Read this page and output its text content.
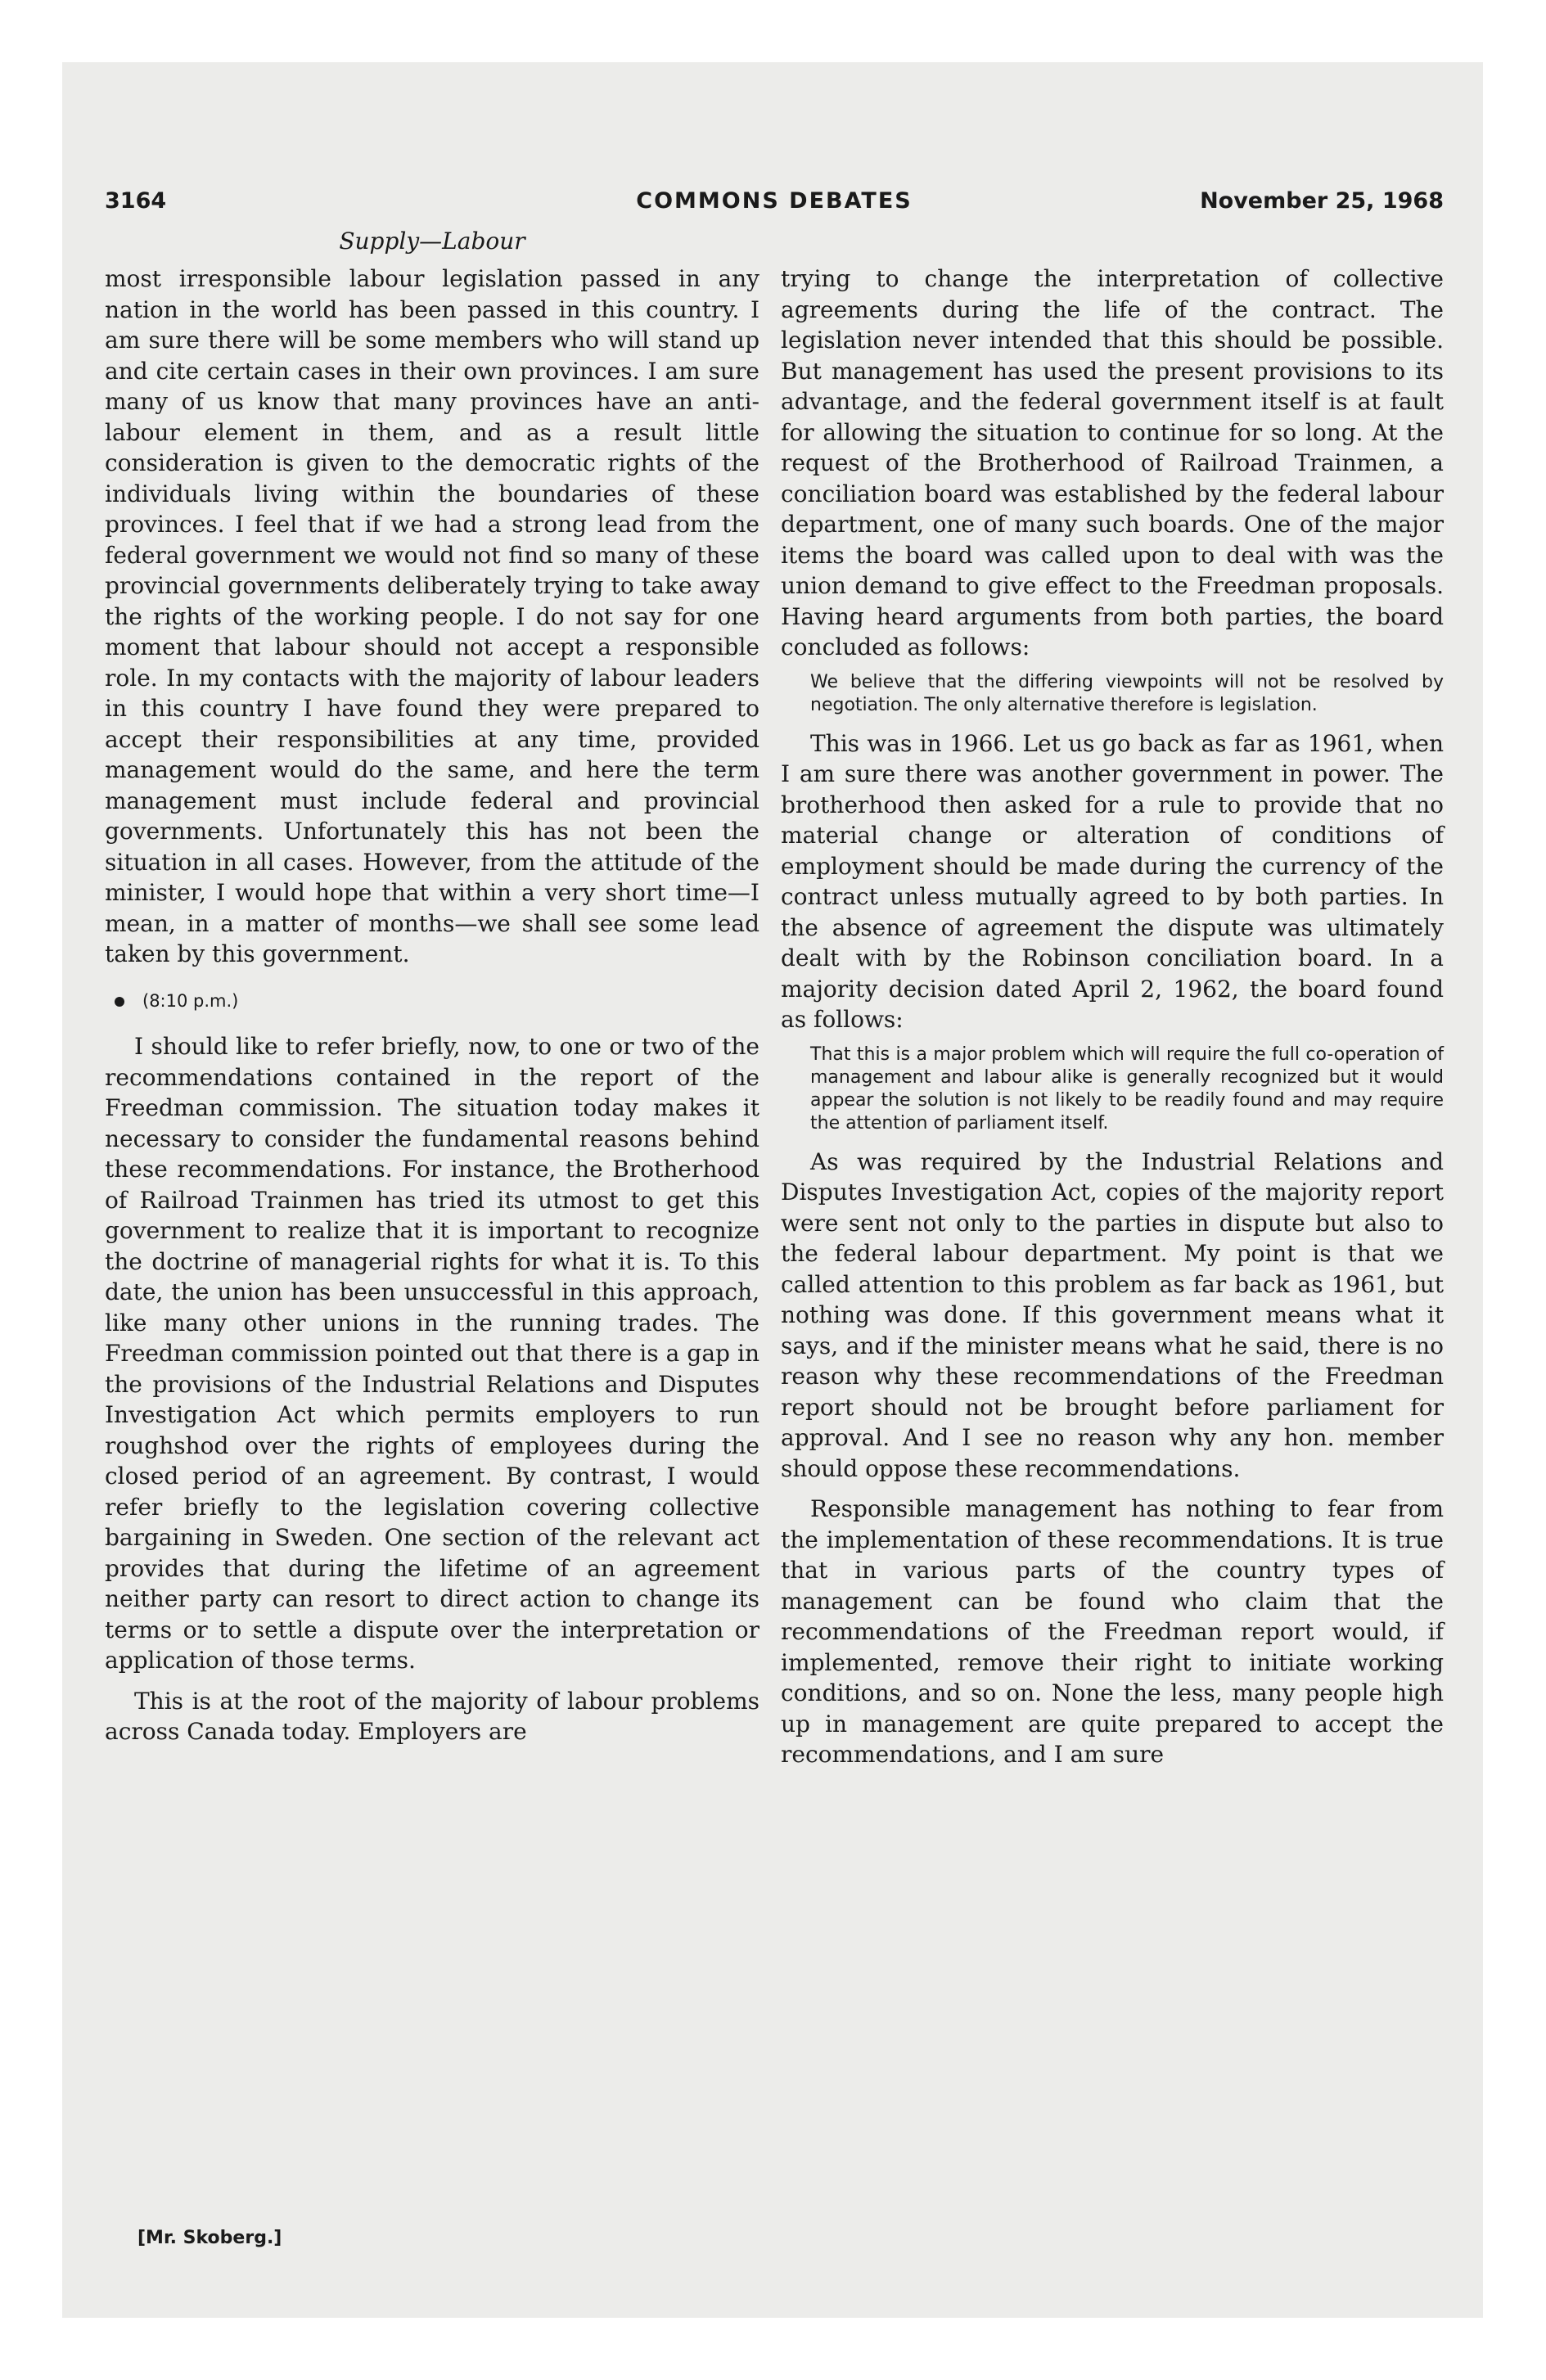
COMMONS DEBATES
3164	November 25, 1968
Supply—Labour

most irresponsible labour legislation passed in any nation in the world has been passed in this country. I am sure there will be some members who will stand up and cite certain cases in their own provinces. I am sure many of us know that many provinces have an anti-labour element in them, and as a result little consideration is given to the democratic rights of the individuals living within the boundaries of these provinces. I feel that if we had a strong lead from the federal government we would not find so many of these provincial governments deliberately trying to take away the rights of the working people. I do not say for one moment that labour should not accept a responsible role. In my contacts with the majority of labour leaders in this country I have found they were prepared to accept their responsibilities at any time, provided management would do the same, and here the term management must include federal and provincial governments. Unfortunately this has not been the situation in all cases. However, from the attitude of the minister, I would hope that within a very short time—I mean, in a matter of months—we shall see some lead taken by this government.

(8:10 p.m.)

I should like to refer briefly, now, to one or two of the recommendations contained in the report of the Freedman commission. The situation today makes it necessary to consider the fundamental reasons behind these recommendations. For instance, the Brotherhood of Railroad Trainmen has tried its utmost to get this government to realize that it is important to recognize the doctrine of managerial rights for what it is. To this date, the union has been unsuccessful in this approach, like many other unions in the running trades. The Freedman commission pointed out that there is a gap in the provisions of the Industrial Relations and Disputes Investigation Act which permits employers to run roughshod over the rights of employees during the closed period of an agreement. By contrast, I would refer briefly to the legislation covering collective bargaining in Sweden. One section of the relevant act provides that during the lifetime of an agreement neither party can resort to direct action to change its terms or to settle a dispute over the interpretation or application of those terms.

This is at the root of the majority of labour problems across Canada today. Employers are

trying to change the interpretation of collective agreements during the life of the contract. The legislation never intended that this should be possible. But management has used the present provisions to its advantage, and the federal government itself is at fault for allowing the situation to continue for so long. At the request of the Brotherhood of Railroad Trainmen, a conciliation board was established by the federal labour department, one of many such boards. One of the major items the board was called upon to deal with was the union demand to give effect to the Freedman proposals. Having heard arguments from both parties, the board concluded as follows:

We believe that the differing viewpoints will not be resolved by negotiation. The only alternative therefore is legislation.

This was in 1966. Let us go back as far as 1961, when I am sure there was another government in power. The brotherhood then asked for a rule to provide that no material change or alteration of conditions of employment should be made during the currency of the contract unless mutually agreed to by both parties. In the absence of agreement the dispute was ultimately dealt with by the Robinson conciliation board. In a majority decision dated April 2, 1962, the board found as follows:

That this is a major problem which will require the full co-operation of management and labour alike is generally recognized but it would appear the solution is not likely to be readily found and may require the attention of parliament itself.

As was required by the Industrial Relations and Disputes Investigation Act, copies of the majority report were sent not only to the parties in dispute but also to the federal labour department. My point is that we called attention to this problem as far back as 1961, but nothing was done. If this government means what it says, and if the minister means what he said, there is no reason why these recommendations of the Freedman report should not be brought before parliament for approval. And I see no reason why any hon. member should oppose these recommendations.

Responsible management has nothing to fear from the implementation of these recommendations. It is true that in various parts of the country types of management can be found who claim that the recommendations of the Freedman report would, if implemented, remove their right to initiate working conditions, and so on. None the less, many people high up in management are quite prepared to accept the recommendations, and I am sure

[Mr. Skoberg.]
